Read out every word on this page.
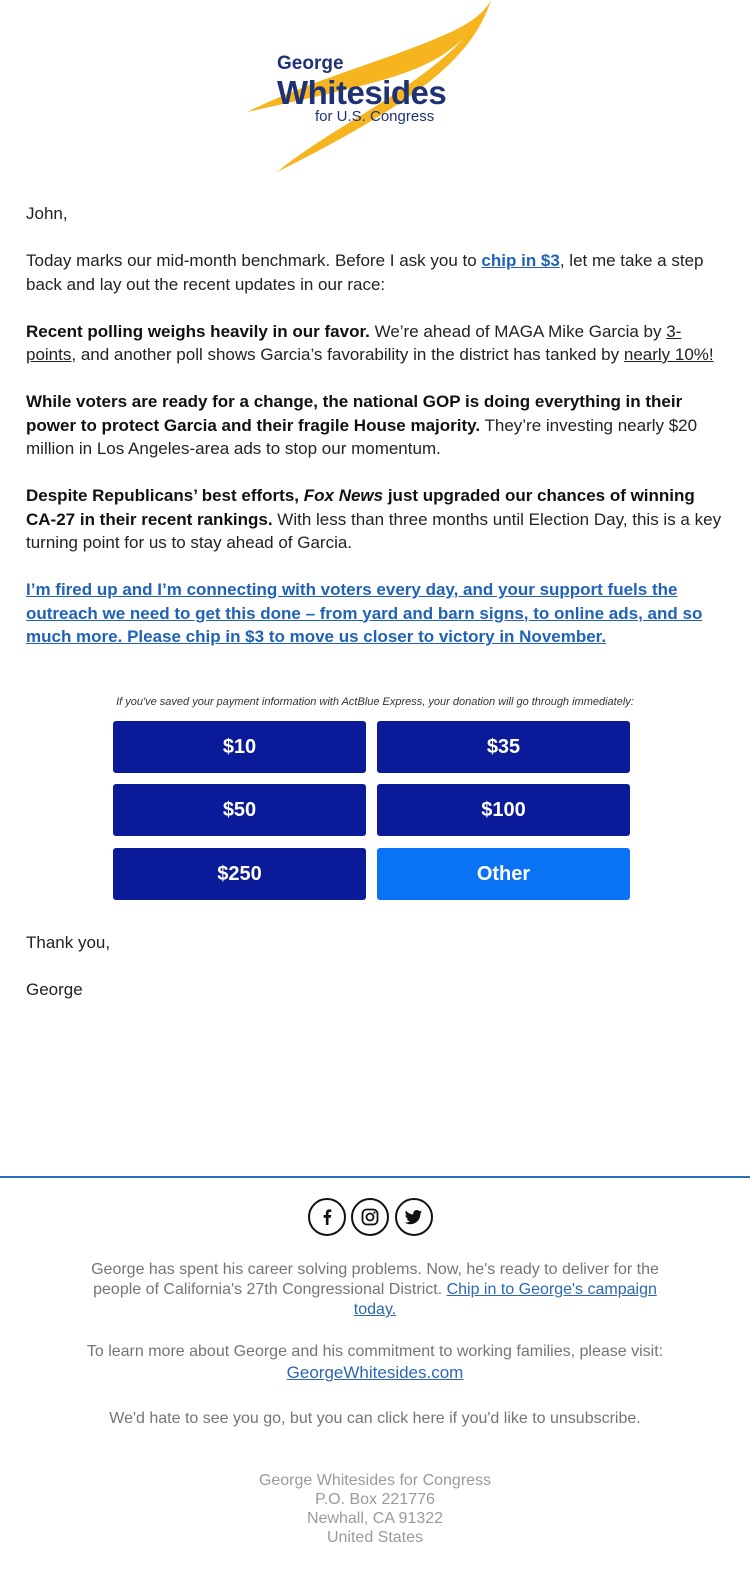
George
Whitesides
for U.S. Congress

John,

Today marks our mid-month benchmark. Before I ask you to chip in $3, let me take a step back and lay out the recent updates in our race:

Recent polling weighs heavily in our favor. We’re ahead of MAGA Mike Garcia by 3-points, and another poll shows Garcia’s favorability in the district has tanked by nearly 10%!

While voters are ready for a change, the national GOP is doing everything in their power to protect Garcia and their fragile House majority. They’re investing nearly $20 million in Los Angeles-area ads to stop our momentum.

Despite Republicans’ best efforts, Fox News just upgraded our chances of winning CA-27 in their recent rankings. With less than three months until Election Day, this is a key turning point for us to stay ahead of Garcia.

I’m fired up and I’m connecting with voters every day, and your support fuels the outreach we need to get this done – from yard and barn signs, to online ads, and so much more. Please chip in $3 to move us closer to victory in November.

If you've saved your payment information with ActBlue Express, your donation will go through immediately:
$10	$35
$50	$100
$250	Other
Thank you,
George
George has spent his career solving problems. Now, he's ready to deliver for the people of California's 27th Congressional District. Chip in to George's campaign today.
To learn more about George and his commitment to working families, please visit:
GeorgeWhitesides.com
We'd hate to see you go, but you can click here if you'd like to unsubscribe.
George Whitesides for Congress
P.O. Box 221776
Newhall, CA 91322
United States
